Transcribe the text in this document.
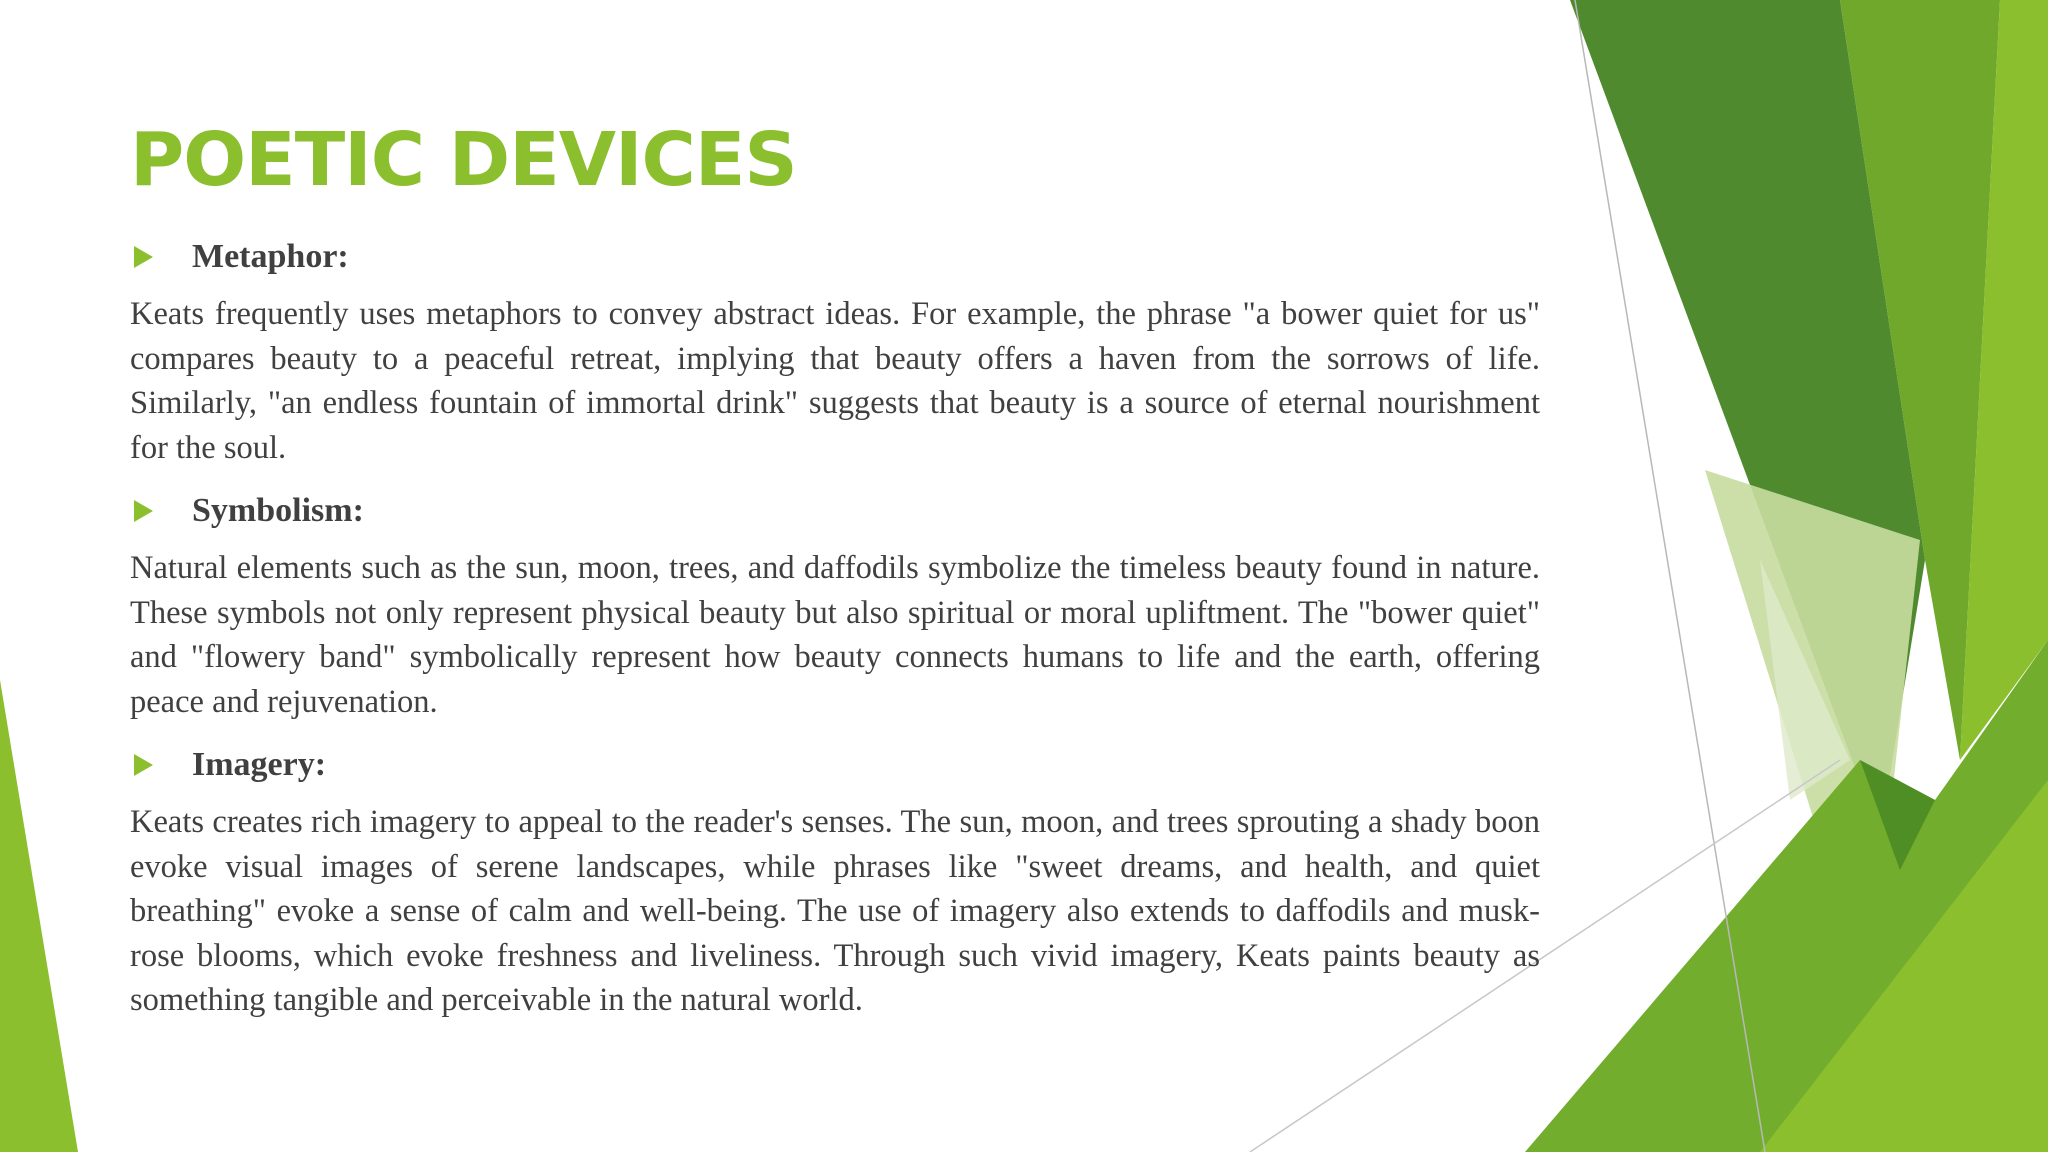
POETIC DEVICES
Metaphor:

Keats frequently uses metaphors to convey abstract ideas. For example, the phrase "a bower quiet for us" compares beauty to a peaceful retreat, implying that beauty offers a haven from the sorrows of life. Similarly, "an endless fountain of immortal drink" suggests that beauty is a source of eternal nourishment for the soul.

Symbolism:

Natural elements such as the sun, moon, trees, and daffodils symbolize the timeless beauty found in nature. These symbols not only represent physical beauty but also spiritual or moral upliftment. The "bower quiet" and "flowery band" symbolically represent how beauty connects humans to life and the earth, offering peace and rejuvenation.

Imagery:

Keats creates rich imagery to appeal to the reader's senses. The sun, moon, and trees sprouting a shady boon evoke visual images of serene landscapes, while phrases like "sweet dreams, and health, and quiet breathing" evoke a sense of calm and well-being. The use of imagery also extends to daffodils and musk-rose blooms, which evoke freshness and liveliness. Through such vivid imagery, Keats paints beauty as something tangible and perceivable in the natural world.
